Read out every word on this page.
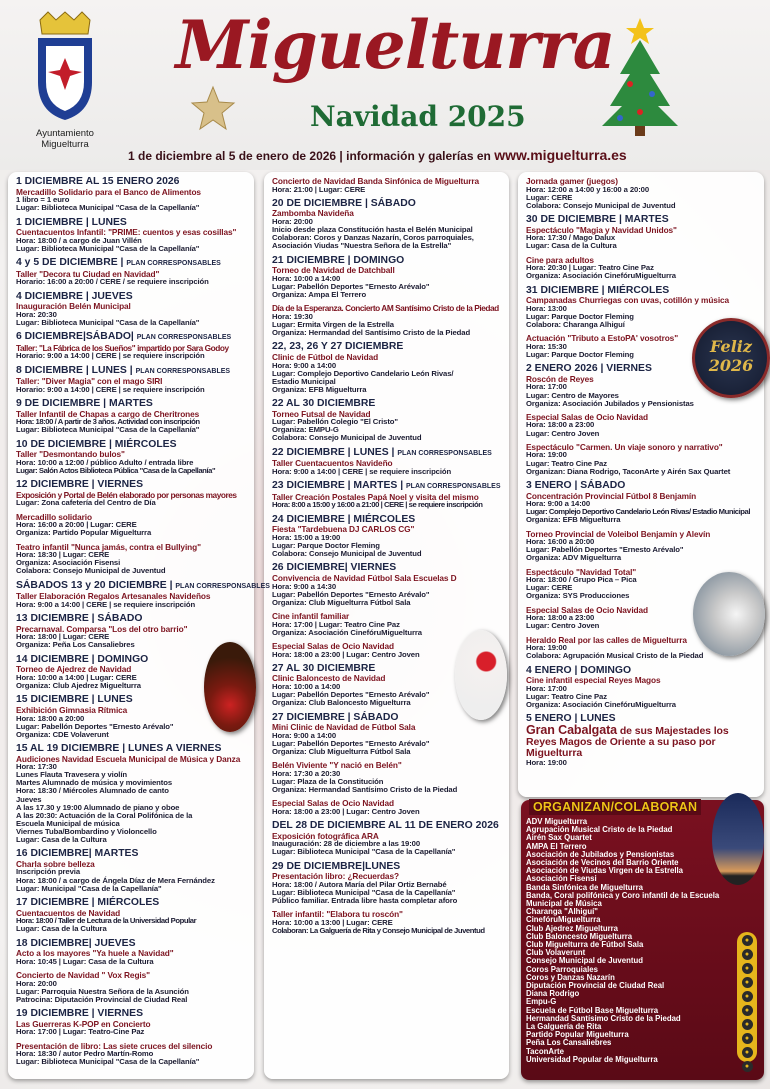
Ayuntamiento
Miguelturra
Miguelturra
Navidad 2025
1 de diciembre al 5 de enero de 2026 | información y galerías en www.miguelturra.es
1 DICIEMBRE AL 15 ENERO 2026
Mercadillo Solidario para el Banco de Alimentos
1 libro = 1 euro
Lugar: Biblioteca Municipal "Casa de la Capellanía"
1 DICIEMBRE | LUNES
Cuentacuentos Infantil: "PRIME: cuentos y esas cosillas"
Hora: 18:00 / a cargo de Juan Villén
Lugar: Biblioteca Municipal "Casa de la Capellanía"
4 y 5 DE DICIEMBRE | PLAN CORRESPONSABLES
Taller "Decora tu Ciudad en Navidad"
Horario: 16:00 a 20:00 / CERE / se requiere inscripción
4 DICIEMBRE | JUEVES
Inauguración Belén Municipal
Hora: 20:30
Lugar: Biblioteca Municipal "Casa de la Capellanía"
6 DICIEMBRE|SÁBADO| PLAN CORRESPONSABLES
Taller: "La Fábrica de los Sueños" impartido por Sara Godoy
Horario: 9:00 a 14:00 | CERE | se requiere inscripción
8 DICIEMBRE | LUNES | PLAN CORRESPONSABLES
Taller: "Diver Magia" con el mago SIRI
Horario: 9:00 a 14:00 | CERE | se requiere inscripción
9 DE DICIEMBRE | MARTES
Taller Infantil de Chapas a cargo de Cheritrones
Hora: 18:00 / A partir de 3 años. Actividad con inscripción
Lugar: Biblioteca Municipal "Casa de la Capellanía"
10 DE DICIEMBRE | MIÉRCOLES
Taller "Desmontando bulos"
Hora: 10:00 a 12:00 / público Adulto / entrada libre
Lugar: Salón Actos Biblioteca Pública "Casa de la Capellanía"
12 DICIEMBRE | VIERNES
Exposición y Portal de Belén elaborado por personas mayores
Lugar: Zona cafetería del Centro de Día
Mercadillo solidario
Hora: 16:00 a 20:00 | Lugar: CERE
Organiza: Partido Popular Miguelturra
Teatro infantil "Nunca jamás, contra el Bullying"
Hora: 18:30 | Lugar: CERE
Organiza: Asociación Fisensi
Colabora: Consejo Municipal de Juventud
SÁBADOS 13 y 20 DICIEMBRE | PLAN CORRESPONSABLES
Taller Elaboración Regalos Artesanales Navideños
Hora: 9:00 a 14:00 | CERE | se requiere inscripción
13 DICIEMBRE | SÁBADO
Precarnaval. Comparsa "Los del otro barrio"
Hora: 18:00 | Lugar: CERE
Organiza: Peña Los Cansaliebres
14 DICIEMBRE | DOMINGO
Torneo de Ajedrez de Navidad
Hora: 10:00 a 14:00 | Lugar: CERE
Organiza: Club Ajedrez Miguelturra
15 DICIEMBRE | LUNES
Exhibición Gimnasia Rítmica
Hora: 18:00 a 20:00
Lugar: Pabellón Deportes "Ernesto Arévalo"
Organiza: CDE Volaverunt
15 AL 19 DICIEMBRE | LUNES A VIERNES
Audiciones Navidad Escuela Municipal de Música y Danza
Hora: 17:30
Lunes Flauta Travesera y violín
Martes Alumnado de música y movimientos
Hora: 18:30 / Miércoles Alumnado de canto
Jueves
A las 17.30 y 19:00 Alumnado de piano y oboe
A las 20:30: Actuación de la Coral Polifónica de la
Escuela Municipal de música
Viernes Tuba/Bombardino y Violoncello
Lugar: Casa de la Cultura
16 DICIEMBRE| MARTES
Charla sobre belleza
Inscripción previa
Hora: 18:00 / a cargo de Ángela Díaz de Mera Fernández
Lugar: Municipal "Casa de la Capellanía"
17 DICIEMBRE | MIÉRCOLES
Cuentacuentos de Navidad
Hora: 18:00 / Taller de Lectura de la Universidad Popular
Lugar: Casa de la Cultura
18 DICIEMBRE| JUEVES
Acto a los mayores "Ya huele a Navidad"
Hora: 10:45 | Lugar: Casa de la Cultura
Concierto de Navidad " Vox Regis"
Hora: 20:00
Lugar: Parroquia Nuestra Señora de la Asunción
Patrocina: Diputación Provincial de Ciudad Real
19 DICIEMBRE | VIERNES
Las Guerreras K-POP en Concierto
Hora: 17:00 | Lugar: Teatro-Cine Paz
Presentación de libro: Las siete cruces del silencio
Hora: 18:30 / autor Pedro Martín-Romo
Lugar: Biblioteca Municipal "Casa de la Capellanía"
Concierto de Navidad Banda Sinfónica de Miguelturra
Hora: 21:00 | Lugar: CERE
20 DE DICIEMBRE | SÁBADO
Zambomba Navideña
Hora: 20:00
Inicio desde plaza Constitución hasta el Belén Municipal
Colaboran: Coros y Danzas Nazarín, Coros parroquiales,
Asociación Viudas "Nuestra Señora de la Estrella"
21 DICIEMBRE | DOMINGO
Torneo de Navidad de Datchball
Hora: 10:00 a 14:00
Lugar: Pabellón Deportes "Ernesto Arévalo"
Organiza: Ampa El Terrero
Día de la Esperanza. Concierto AM Santísimo Cristo de la Piedad
Hora: 19:30
Lugar: Ermita Virgen de la Estrella
Organiza: Hermandad del Santísimo Cristo de la Piedad
22, 23, 26 Y 27 DICIEMBRE
Clinic de Fútbol de Navidad
Hora: 9:00 a 14:00
Lugar: Complejo Deportivo Candelario León Rivas/
Estadio Municipal
Organiza: EFB Miguelturra
22 AL 30 DICIEMBRE
Torneo Futsal de Navidad
Lugar: Pabellón Colegio "El Cristo"
Organiza: EMPU-G
Colabora: Consejo Municipal de Juventud
22 DICIEMBRE | LUNES | PLAN CORRESPONSABLES
Taller Cuentacuentos Navideño
Hora: 9:00 a 14:00 | CERE | se requiere inscripción
23 DICIEMBRE | MARTES | PLAN CORRESPONSABLES
Taller Creación Postales Papá Noel y visita del mismo
Hora: 8:00 a 15:00 y 16:00 a 21:00 | CERE | se requiere inscripción
24 DICIEMBRE | MIÉRCOLES
Fiesta "Tardebuena DJ CARLOS CG"
Hora: 15:00 a 19:00
Lugar: Parque Doctor Fleming
Colabora: Consejo Municipal de Juventud
26 DICIEMBRE| VIERNES
Convivencia de Navidad Fútbol Sala Escuelas D
Hora: 9:00 a 14:30
Lugar: Pabellón Deportes "Ernesto Arévalo"
Organiza: Club Miguelturra Fútbol Sala
Cine infantil familiar
Hora: 17:00 | Lugar: Teatro Cine Paz
Organiza: Asociación CinefóruMiguelturra
Especial Salas de Ocio Navidad
Hora: 18:00 a 23:00 | Lugar: Centro Joven
27 AL 30 DICIEMBRE
Clinic Baloncesto de Navidad
Hora: 10:00 a 14:00
Lugar: Pabellón Deportes "Ernesto Arévalo"
Organiza: Club Baloncesto Miguelturra
27 DICIEMBRE | SÁBADO
Mini Clinic de Navidad de Fútbol Sala
Hora: 9:00 a 14:00
Lugar: Pabellón Deportes "Ernesto Arévalo"
Organiza: Club Miguelturra Fútbol Sala
Belén Viviente "Y nació en Belén"
Hora: 17:30 a 20:30
Lugar: Plaza de la Constitución
Organiza: Hermandad Santísimo Cristo de la Piedad
Especial Salas de Ocio Navidad
Hora: 18:00 a 23:00 | Lugar: Centro Joven
DEL 28 DE DICIEMBRE AL 11 DE ENERO 2026
Exposición fotográfica ARA
Inauguración: 28 de diciembre a las 19:00
Lugar: Biblioteca Municipal "Casa de la Capellanía"
29 DE DICIEMBRE|LUNES
Presentación libro: ¿Recuerdas?
Hora: 18:00 / Autora María del Pilar Ortiz Bernabé
Lugar: Biblioteca Municipal "Casa de la Capellanía"
Público familiar. Entrada libre hasta completar aforo
Taller infantil: "Elabora tu roscón"
Hora: 10:00 a 13:00 | Lugar: CERE
Colaboran: La Galguería de Rita y Consejo Municipal de Juventud
Jornada gamer (juegos)
Hora: 12:00 a 14:00 y 16:00 a 20:00
Lugar: CERE
Colabora: Consejo Municipal de Juventud
30 DE DICIEMBRE | MARTES
Espectáculo "Magia y Navidad Unidos"
Hora: 17:30 / Mago Dalux
Lugar: Casa de la Cultura
Cine para adultos
Hora: 20:30 | Lugar: Teatro Cine Paz
Organiza: Asociación CinefóruMiguelturra
31 DICIEMBRE | MIÉRCOLES
Campanadas Churriegas con uvas, cotillón y música
Hora: 13:00
Lugar: Parque Doctor Fleming
Colabora: Charanga Alhiguí
Actuación "Tributo a EstoPA' vosotros"
Hora: 15:30
Lugar: Parque Doctor Fleming
2 ENERO 2026 | VIERNES
Roscón de Reyes
Hora: 17:00
Lugar: Centro de Mayores
Organiza: Asociación Jubilados y Pensionistas
Especial Salas de Ocio Navidad
Hora: 18:00 a 23:00
Lugar: Centro Joven
Espectáculo "Carmen. Un viaje sonoro y narrativo"
Hora: 19:00
Lugar: Teatro Cine Paz
Organizan: Diana Rodrigo, TaconArte y Airén Sax Quartet
3 ENERO | SÁBADO
Concentración Provincial Fútbol 8 Benjamín
Hora: 9:00 a 14:00
Lugar: Complejo Deportivo Candelario León Rivas/ Estadio Municipal
Organiza: EFB Miguelturra
Torneo Provincial de Voleibol Benjamín y Alevín
Hora: 16:00 a 20:00
Lugar: Pabellón Deportes "Ernesto Arévalo"
Organiza: ADV Miguelturra
Espectáculo "Navidad Total"
Hora: 18:00 / Grupo Pica – Pica
Lugar: CERE
Organiza: SYS Producciones
Especial Salas de Ocio Navidad
Hora: 18:00 a 23:00
Lugar: Centro Joven
Heraldo Real por las calles de Miguelturra
Hora: 19:00
Colabora: Agrupación Musical Cristo de la Piedad
4 ENERO | DOMINGO
Cine infantil especial Reyes Magos
Hora: 17:00
Lugar: Teatro Cine Paz
Organiza: Asociación CinefóruMiguelturra
5 ENERO | LUNES
Gran Cabalgata de sus Majestades los Reyes Magos de Oriente a su paso por Miguelturra
Hora: 19:00
Feliz 2026
ORGANIZAN/COLABORAN
ADV Miguelturra
Agrupación Musical Cristo de la Piedad
Airén Sax Quartet
AMPA El Terrero
Asociación de Jubilados y Pensionistas
Asociación de Vecinos del Barrio Oriente
Asociación de Viudas Virgen de la Estrella
Asociación Fisensi
Banda Sinfónica de Miguelturra
Banda, Coral polifónica y Coro infantil de la Escuela
Municipal de Música
Charanga "Alhiguí"
CinefóruMiguelturra
Club Ajedrez Miguelturra
Club Baloncesto Miguelturra
Club Miguelturra de Fútbol Sala
Club Volaverunt
Consejo Municipal de Juventud
Coros Parroquiales
Coros y Danzas Nazarín
Diputación Provincial de Ciudad Real
Diana Rodrigo
Empu-G
Escuela de Fútbol Base Miguelturra
Hermandad Santísimo Cristo de la Piedad
La Galguería de Rita
Partido Popular Miguelturra
Peña Los Cansaliebres
TaconArte
Universidad Popular de Miguelturra
●
●
●
●
●
●
●
●
●
●
